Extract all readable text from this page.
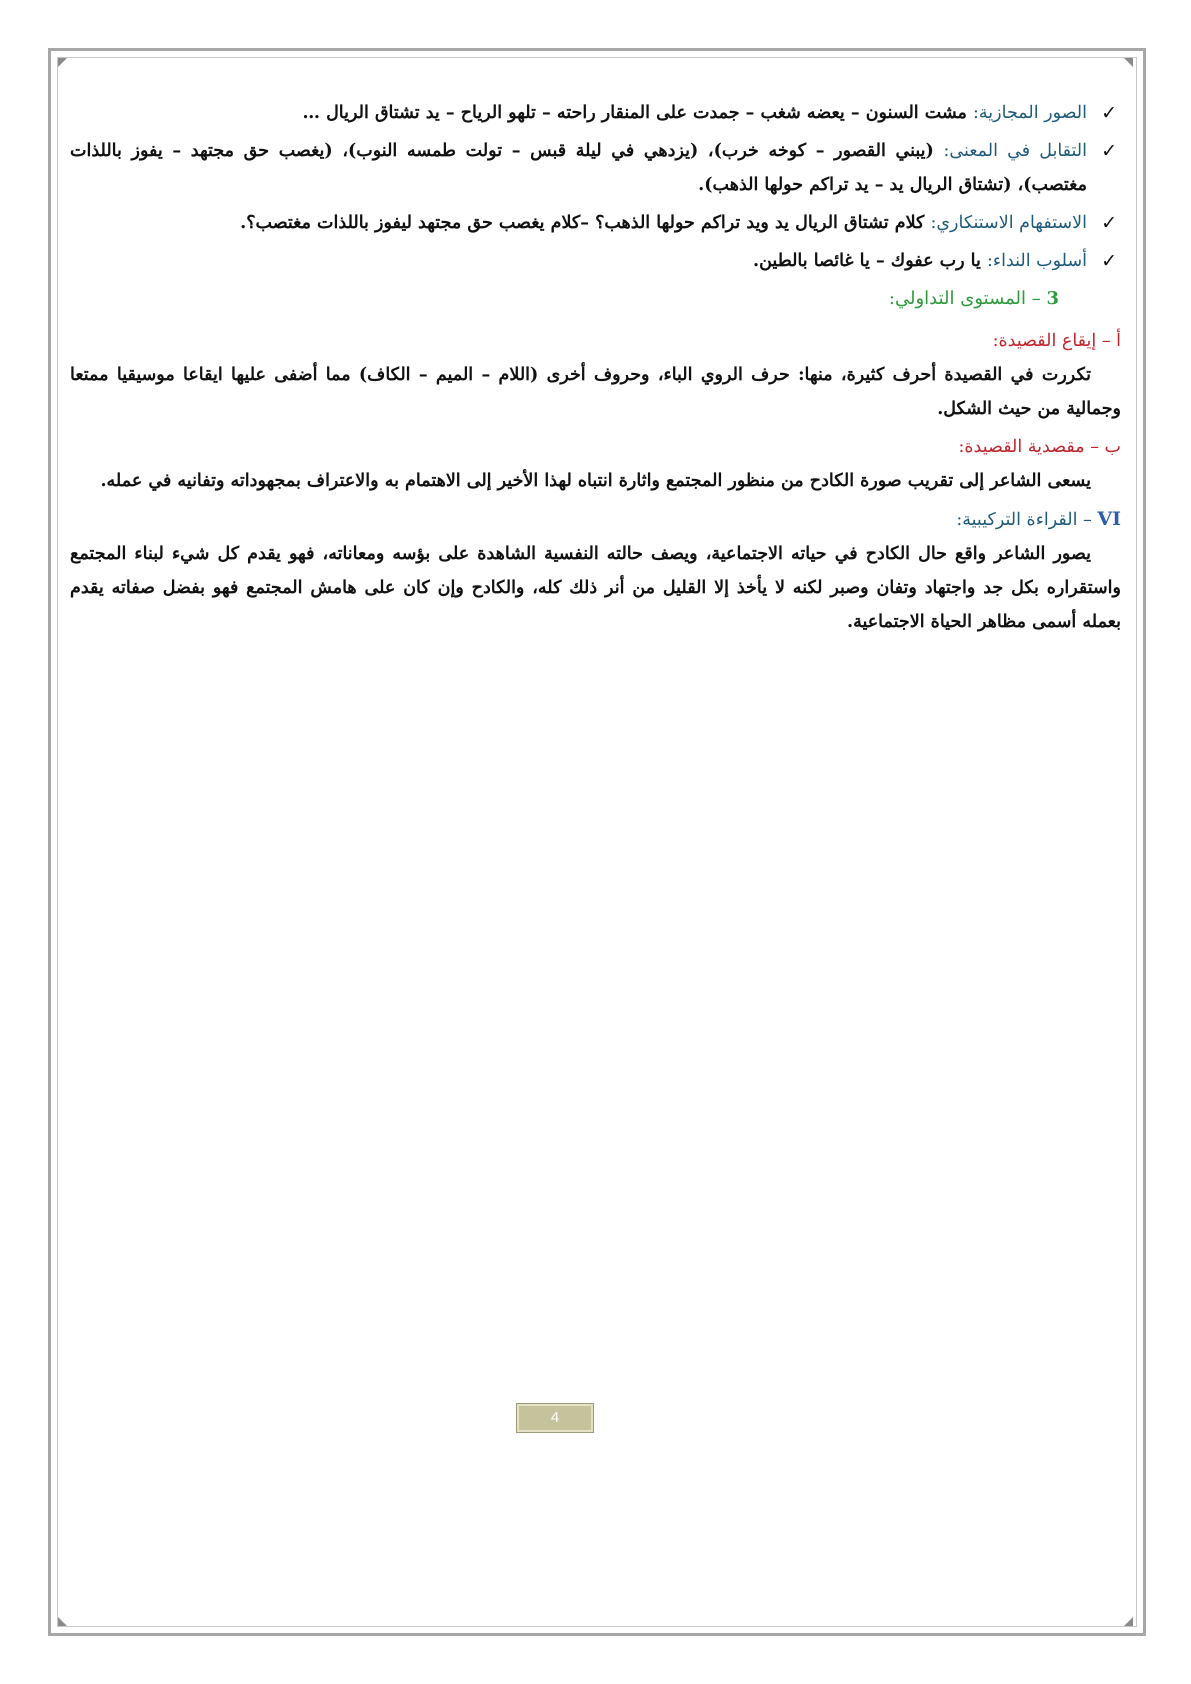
✓
الصور المجازية: مشت السنون – يعضه شغب – جمدت على المنقار راحته – تلهو الرياح – يد تشتاق الريال …

✓
التقابل في المعنى: (يبني القصور – كوخه خرب)، (يزدهي في ليلة قبس – تولت طمسه النوب)، (يغصب حق مجتهد – يفوز باللذات مغتصب)، (تشتاق الريال يد – يد تراكم حولها الذهب).

✓
الاستفهام الاستنكاري: كلام تشتاق الريال يد ويد تراكم حولها الذهب؟ –كلام يغصب حق مجتهد ليفوز باللذات مغتصب؟.

✓
أسلوب النداء: يا رب عفوك – يا غائصا بالطين.

3 – المستوى التداولي:

أ – إيقاع القصيدة:

تكررت في القصيدة أحرف كثيرة، منها: حرف الروي الباء، وحروف أخرى (اللام – الميم – الكاف) مما أضفى عليها ايقاعا موسيقيا ممتعا وجمالية من حيث الشكل.

ب – مقصدية القصيدة:

يسعى الشاعر إلى تقريب صورة الكادح من منظور المجتمع واثارة انتباه لهذا الأخير إلى الاهتمام به والاعتراف بمجهوداته وتفانيه في عمله.

VI – القراءة التركيبية:

يصور الشاعر واقع حال الكادح في حياته الاجتماعية، ويصف حالته النفسية الشاهدة على بؤسه ومعاناته، فهو يقدم كل شيء لبناء المجتمع واستقراره بكل جد واجتهاد وتفان وصبر لكنه لا يأخذ إلا القليل من أنر ذلك كله، والكادح وإن كان على هامش المجتمع فهو بفضل صفاته يقدم بعمله أسمى مظاهر الحياة الاجتماعية.

4
